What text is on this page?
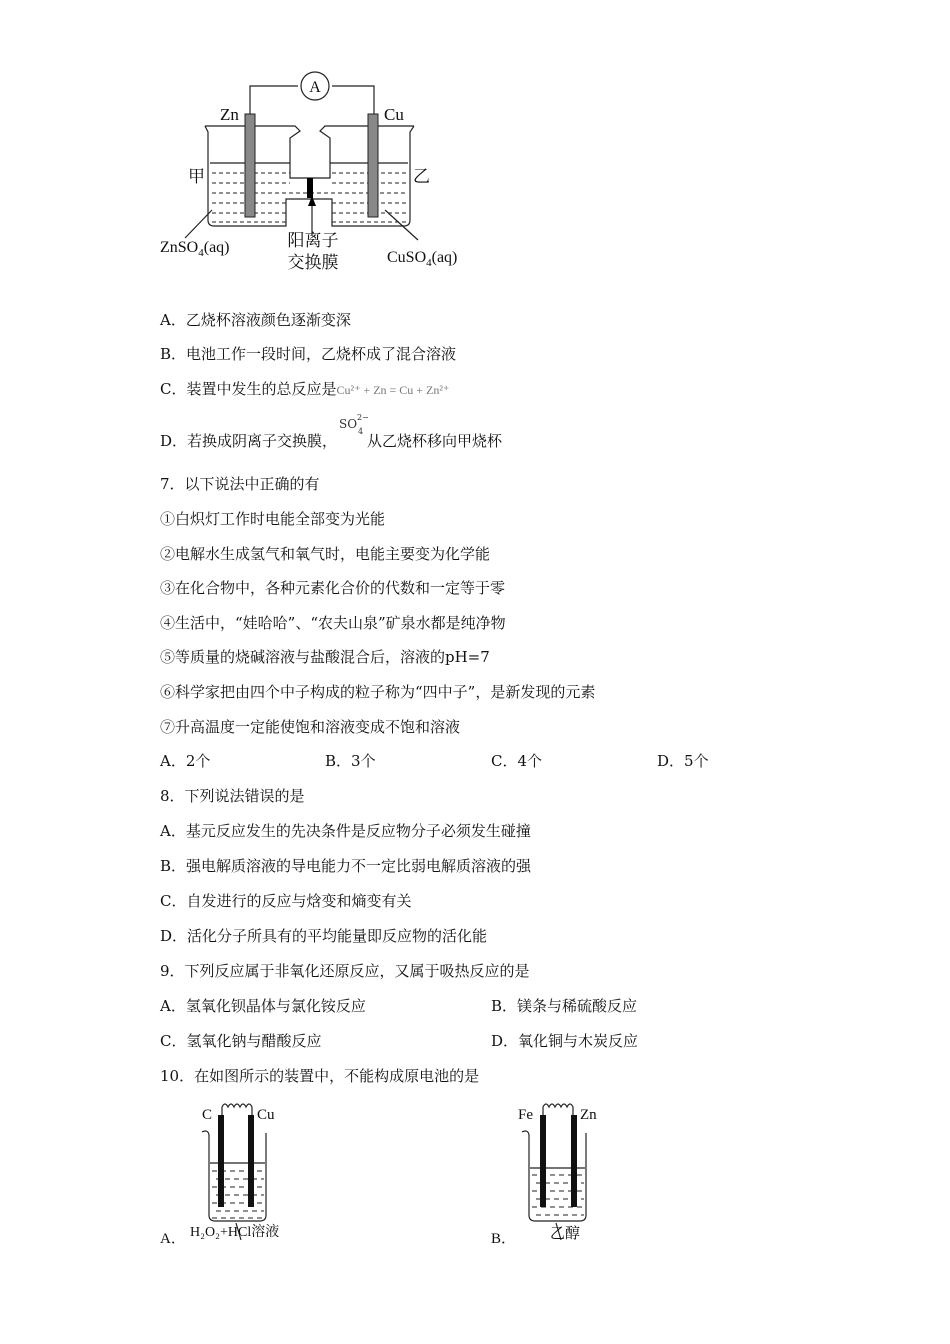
A
Zn	Cu
甲	乙
ZnSO$_4$(aq)
CuSO$_4$(aq)
阳离子
交换膜
A．乙烧杯溶液颜色逐渐变深
B．电池工作一段时间，乙烧杯成了混合溶液
C．装置中发生的总反应是Cu²⁺ + Zn = Cu + Zn²⁺
D．若换成阴离子交换膜，
SO 2−
4
从乙烧杯移向甲烧杯
7．以下说法中正确的有
①白炽灯工作时电能全部变为光能
②电解水生成氢气和氧气时，电能主要变为化学能
③在化合物中，各种元素化合价的代数和一定等于零
④生活中，“娃哈哈”、“农夫山泉”矿泉水都是纯净物
⑤等质量的烧碱溶液与盐酸混合后，溶液的pH=7
⑥科学家把由四个中子构成的粒子称为“四中子”，是新发现的元素
⑦升高温度一定能使饱和溶液变成不饱和溶液
A．2个	B．3个	C．4个	D．5个
8．下列说法错误的是
A．基元反应发生的先决条件是反应物分子必须发生碰撞
B．强电解质溶液的导电能力不一定比弱电解质溶液的强
C．自发进行的反应与焓变和熵变有关
D．活化分子所具有的平均能量即反应物的活化能
9．下列反应属于非氧化还原反应，又属于吸热反应的是
A．氢氧化钡晶体与氯化铵反应	B．镁条与稀硫酸反应
C．氢氧化钠与醋酸反应	D．氧化铜与木炭反应
10．在如图所示的装置中，不能构成原电池的是
C	Cu
H₂O₂+HCl溶液
A．
Fe	Zn
乙醇
B．
